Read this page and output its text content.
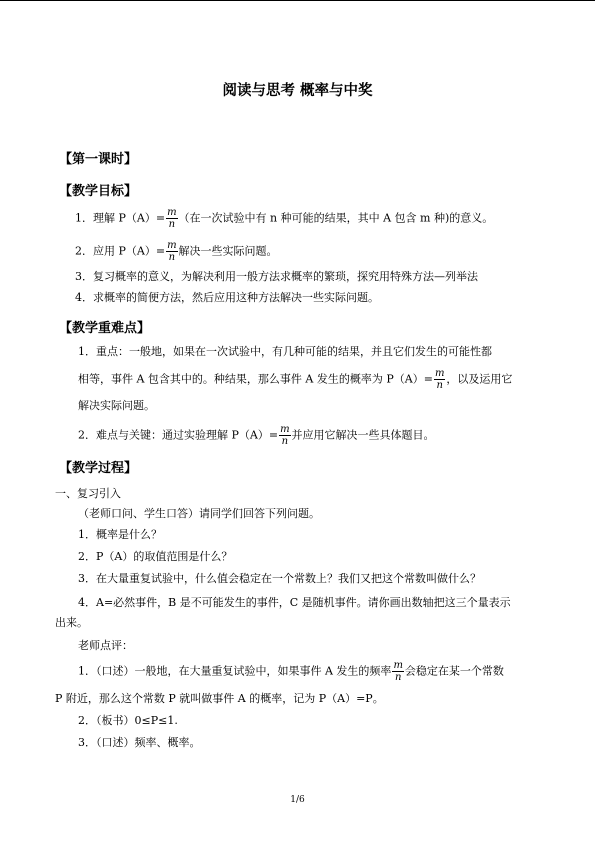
阅读与思考 概率与中奖
【第一课时】
【教学目标】
1．理解 $P(A)= \frac{m}{n}$ （在一次试验中有 n 种可能的结果，其中 A 包含 m 种)的意义。
2．应用 $P(A)= \frac{m}{n}$ 解决一些实际问题。
3．复习概率的意义，为解决利用一般方法求概率的繁琐，探究用特殊方法—列举法
4．求概率的简便方法，然后应用这种方法解决一些实际问题。
【教学重难点】
1．重点：一般地，如果在一次试验中，有几种可能的结果，并且它们发生的可能性都
相等，事件 A 包含其中的。种结果，那么事件 A 发生的概率为 $P(A)= \frac{m}{n}$ ，以及运用它
解决实际问题。
2．难点与关键：通过实验理解 $P(A)= \frac{m}{n}$ 并应用它解决一些具体题目。
【教学过程】
一、复习引入
（老师口问、学生口答）请同学们回答下列问题。
1．概率是什么？
2．P（A）的取值范围是什么？
3．在大量重复试验中，什么值会稳定在一个常数上？我们又把这个常数叫做什么？
4．A=必然事件，B 是不可能发生的事件，C 是随机事件。请你画出数轴把这三个量表示
出来。
老师点评：
1．（口述）一般地，在大量重复试验中，如果事件 A 发生的频率 $\frac{m}{n}$ 会稳定在某一个常数
P 附近，那么这个常数 P 就叫做事件 A 的概率，记为 P（A）=P。
2．（板书）0≤P≤1.
3．（口述）频率、概率。
1/6
